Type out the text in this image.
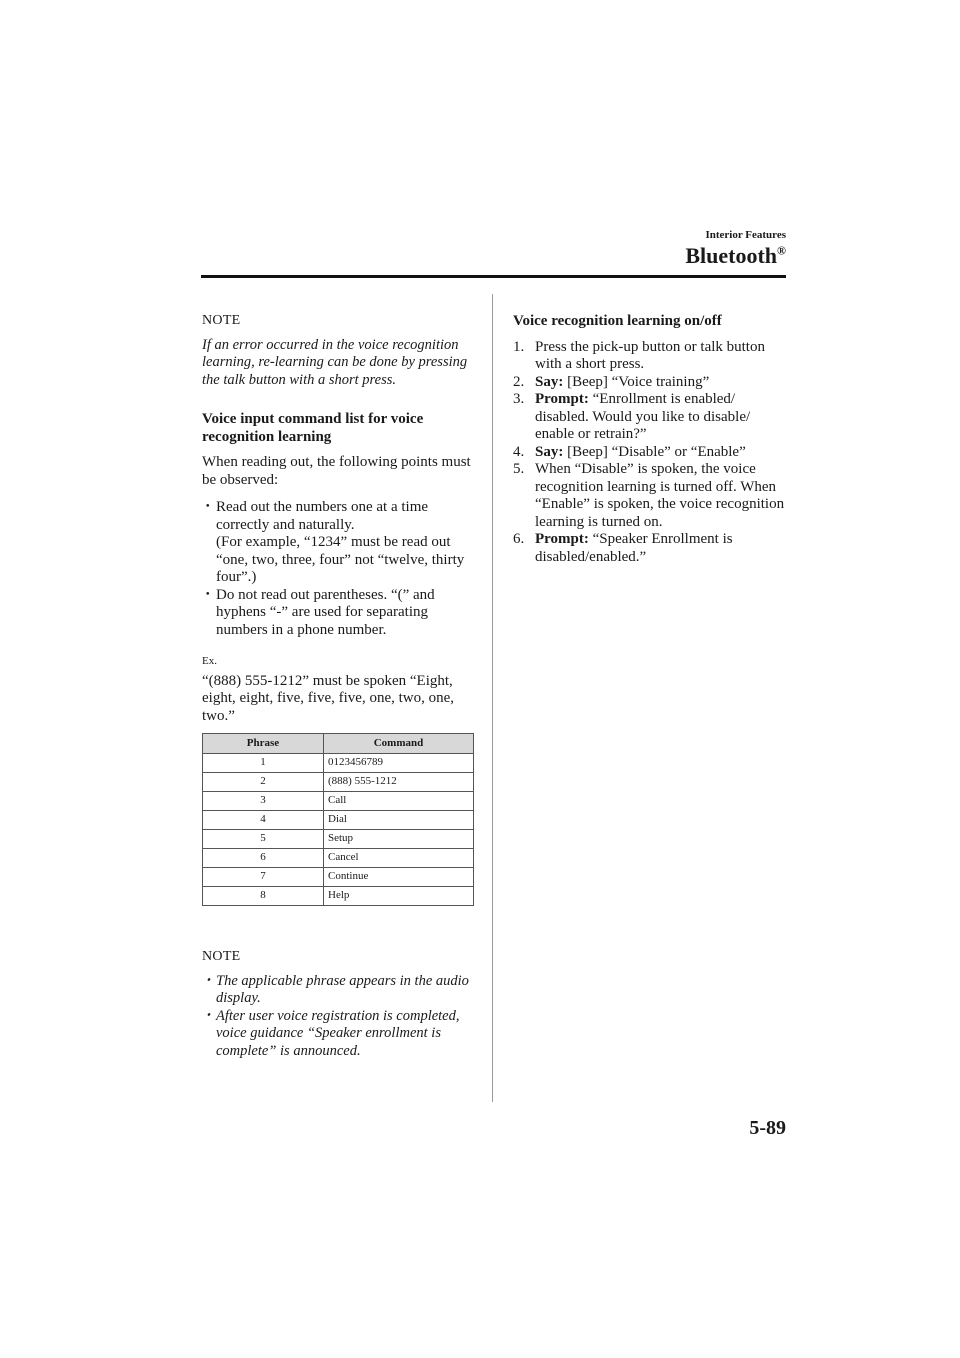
Interior Features
Bluetooth®

NOTE

If an error occurred in the voice recognition learning, re-learning can be done by pressing the talk button with a short press.

Voice input command list for voice recognition learning

When reading out, the following points must be observed:

･ Read out the numbers one at a time correctly and naturally.
(For example, “1234” must be read out “one, two, three, four” not “twelve, thirty four”.)
･ Do not read out parentheses. “(” and hyphens “-” are used for separating numbers in a phone number.

Ex.

“(888) 555-1212” must be spoken “Eight, eight, eight, five, five, five, one, two, one, two.”

Phrase	Command
1	0123456789
2	(888) 555-1212
3	Call
4	Dial
5	Setup
6	Cancel
7	Continue
8	Help

NOTE

･ The applicable phrase appears in the audio display.
･ After user voice registration is completed, voice guidance “Speaker enrollment is complete” is announced.

Voice recognition learning on/off

1. Press the pick-up button or talk button with a short press.
2. Say: [Beep] “Voice training”
3. Prompt: “Enrollment is enabled/ disabled. Would you like to disable/ enable or retrain?”
4. Say: [Beep] “Disable” or “Enable”
5. When “Disable” is spoken, the voice recognition learning is turned off. When “Enable” is spoken, the voice recognition learning is turned on.
6. Prompt: “Speaker Enrollment is disabled/enabled.”
5-89
